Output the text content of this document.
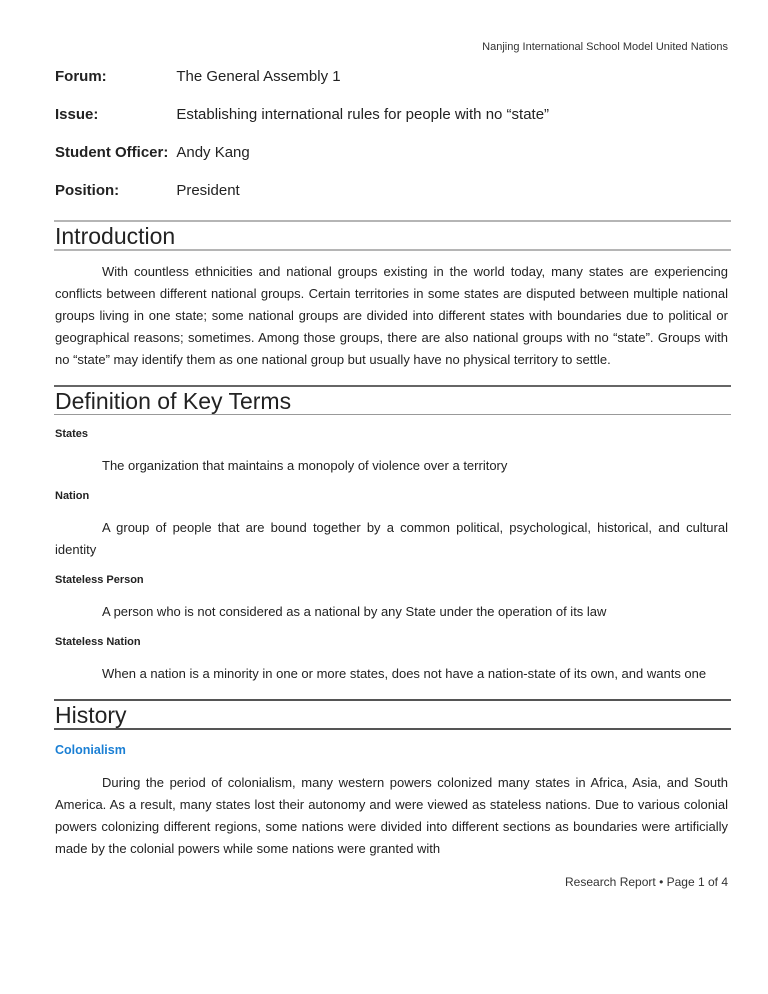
Nanjing International School Model United Nations
Forum:	The General Assembly 1
Issue:	Establishing international rules for people with no “state”
Student Officer: Andy Kang
Position:	President
Introduction
With countless ethnicities and national groups existing in the world today, many states are experiencing conflicts between different national groups. Certain territories in some states are disputed between multiple national groups living in one state; some national groups are divided into different states with boundaries due to political or geographical reasons; sometimes. Among those groups, there are also national groups with no “state”. Groups with no “state” may identify them as one national group but usually have no physical territory to settle.
Definition of Key Terms
States
The organization that maintains a monopoly of violence over a territory
Nation
A group of people that are bound together by a common political, psychological, historical, and cultural identity
Stateless Person
A person who is not considered as a national by any State under the operation of its law
Stateless Nation
When a nation is a minority in one or more states, does not have a nation-state of its own, and wants one
History
Colonialism
During the period of colonialism, many western powers colonized many states in Africa, Asia, and South America. As a result, many states lost their autonomy and were viewed as stateless nations. Due to various colonial powers colonizing different regions, some nations were divided into different sections as boundaries were artificially made by the colonial powers while some nations were granted with
Research Report • Page 1 of 4
